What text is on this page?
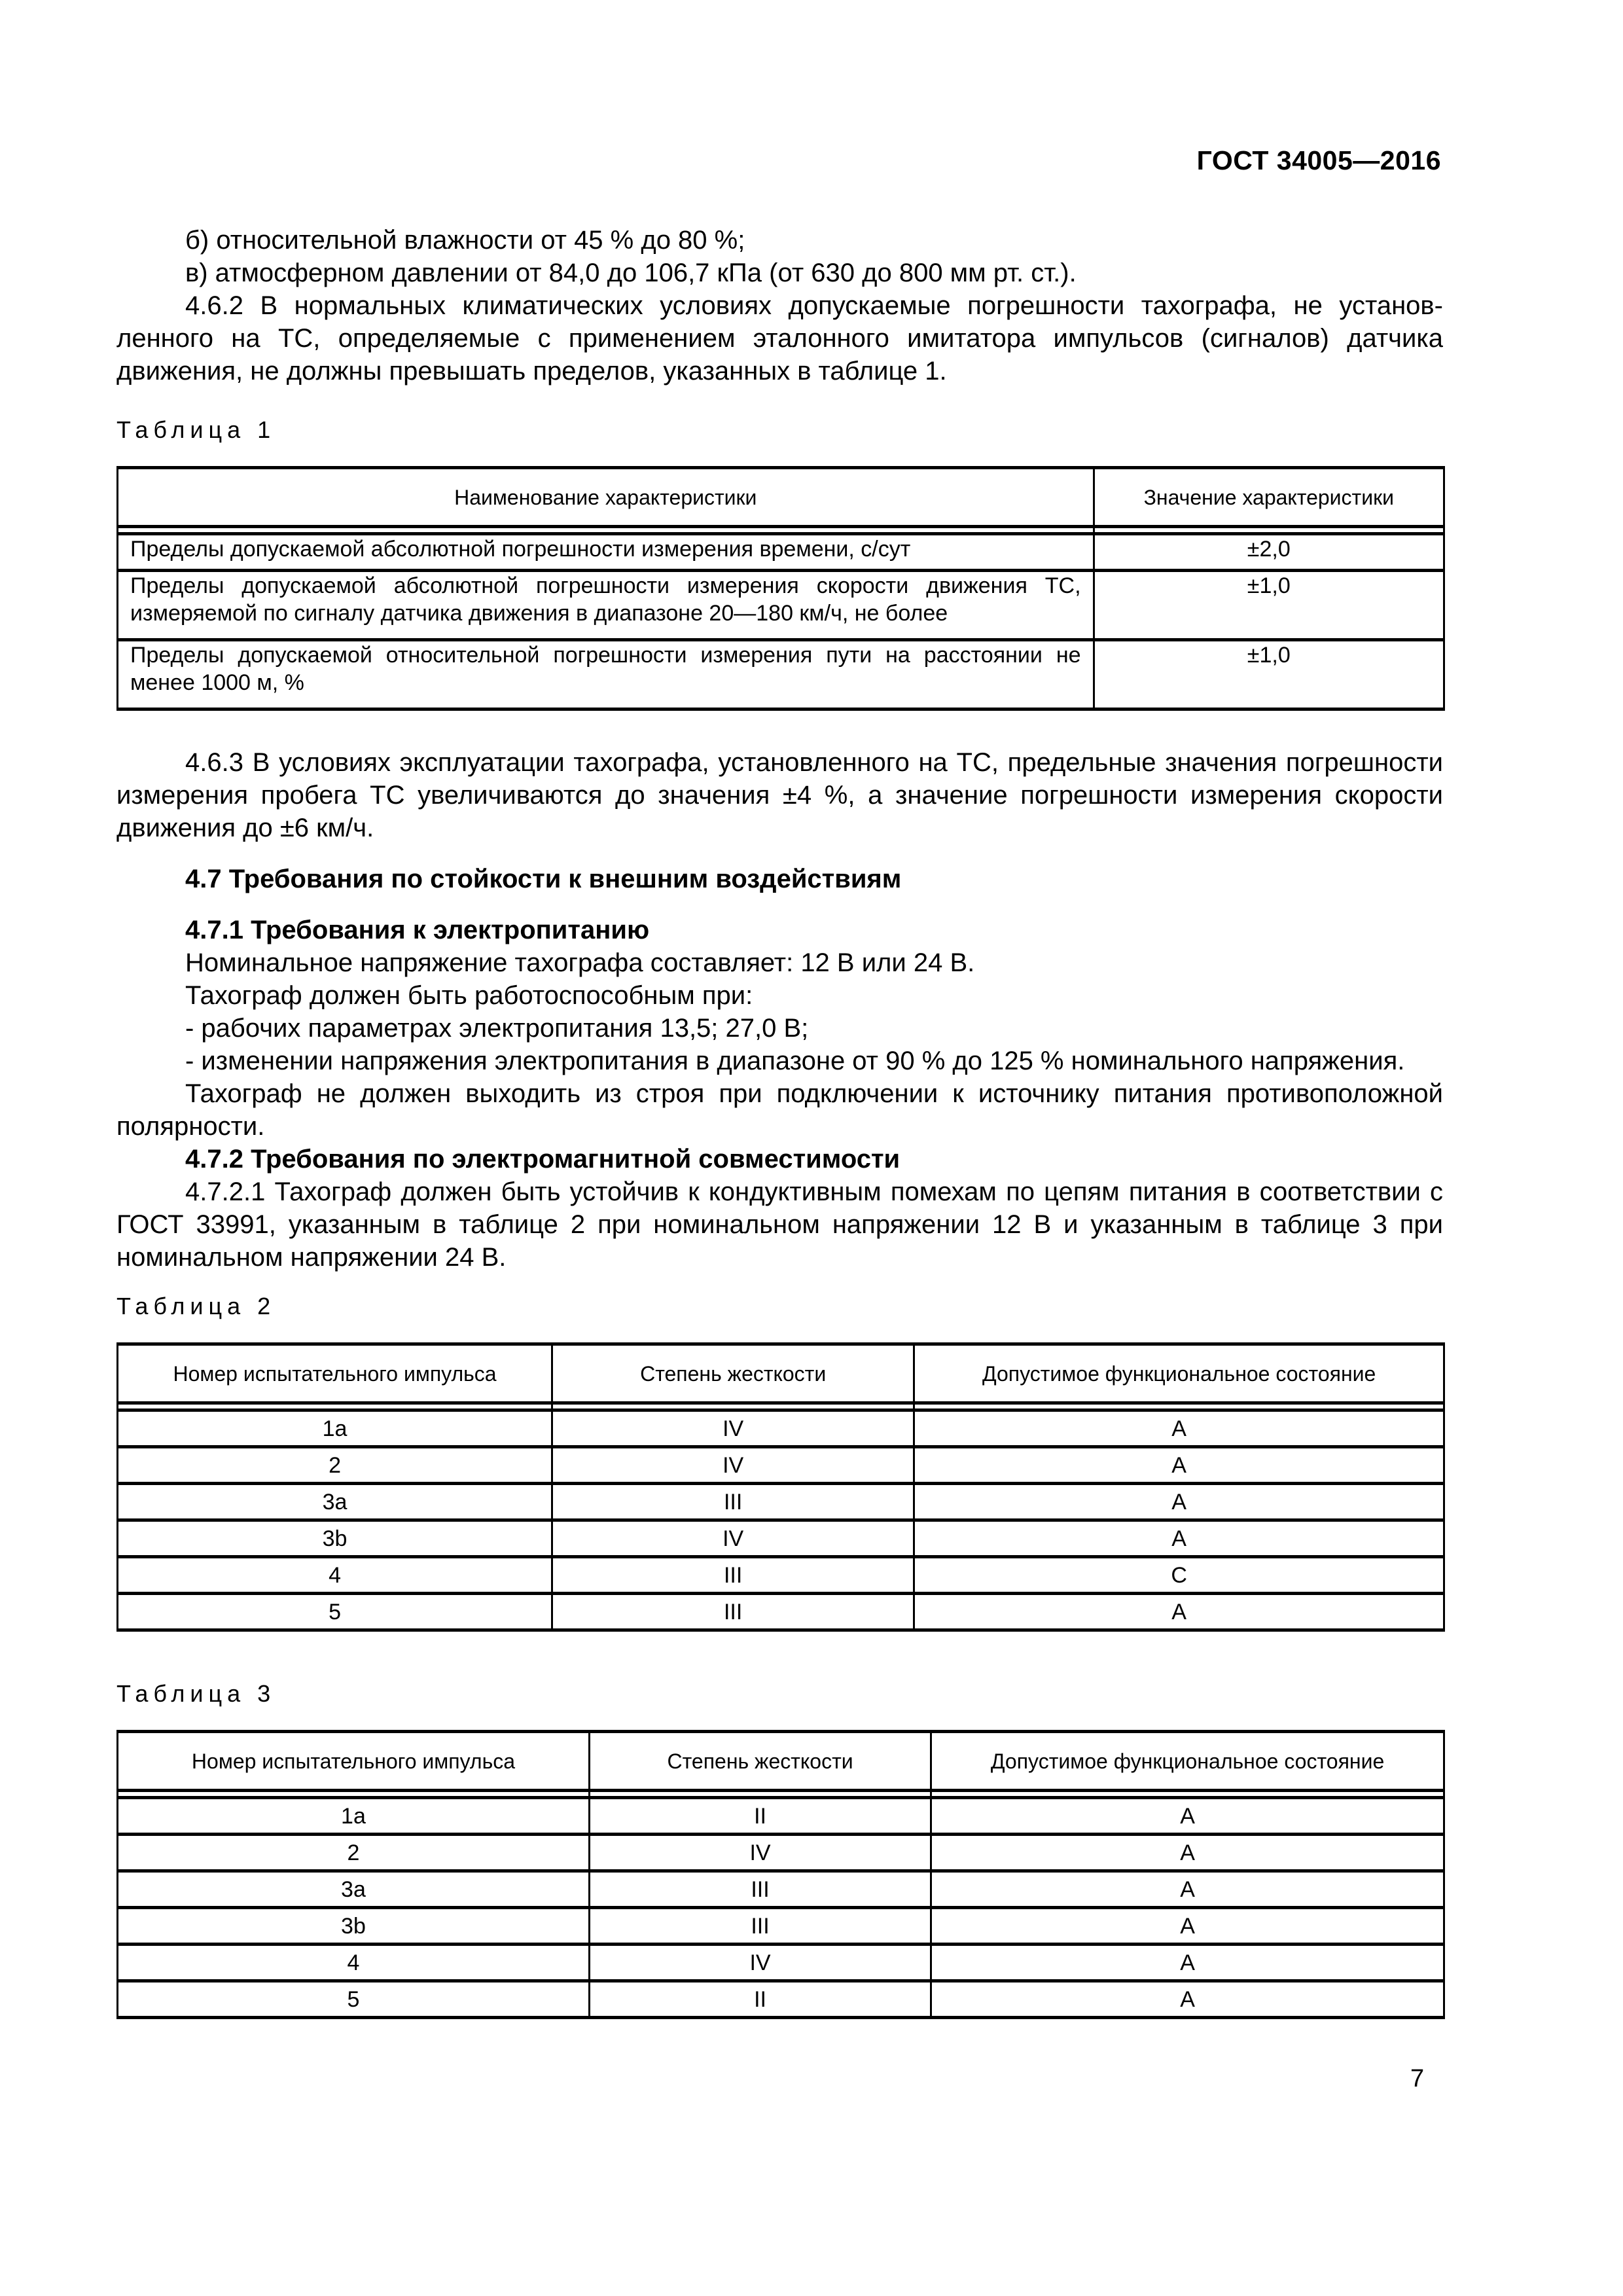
ГОСТ 34005—2016

б) относительной влажности от 45 % до 80 %;

в) атмосферном давлении от 84,0 до 106,7 кПа (от 630 до 800 мм рт. ст.).

4.6.2 В нормальных климатических условиях допускаемые погрешности тахографа, не установленного на ТС, определяемые с применением эталонного имитатора импульсов (сигналов) датчика движения, не должны превышать пределов, указанных в таблице 1.

Таблица 1
Наименование характеристики	Значение характеристики

Пределы допускаемой абсолютной погрешности измерения времени, с/сут	±2,0
Пределы допускаемой абсолютной погрешности измерения скорости движения ТС, измеряемой по сигналу датчика движения в диапазоне 20—180 км/ч, не более	±1,0
Пределы допускаемой относительной погрешности измерения пути на расстоянии не менее 1000 м, %	±1,0

4.6.3 В условиях эксплуатации тахографа, установленного на ТС, предельные значения погрешности измерения пробега ТС увеличиваются до значения ±4 %, а значение погрешности измерения скорости движения до ±6 км/ч.

4.7 Требования по стойкости к внешним воздействиям

4.7.1 Требования к электропитанию

Номинальное напряжение тахографа составляет: 12 В или 24 В.

Тахограф должен быть работоспособным при:

- рабочих параметрах электропитания 13,5; 27,0 В;

- изменении напряжения электропитания в диапазоне от 90 % до 125 % номинального напряжения.

Тахограф не должен выходить из строя при подключении к источнику питания противоположной полярности.

4.7.2 Требования по электромагнитной совместимости

4.7.2.1 Тахограф должен быть устойчив к кондуктивным помехам по цепям питания в соответствии с ГОСТ 33991, указанным в таблице 2 при номинальном напряжении 12 В и указанным в таблице 3 при номинальном напряжении 24 В.

Таблица 2
Номер испытательного импульса	Степень жесткости	Допустимое функциональное состояние

1a	IV	A
2	IV	A
3a	III	A
3b	IV	A
4	III	C
5	III	A
Таблица 3
Номер испытательного импульса	Степень жесткости	Допустимое функциональное состояние

1a	II	A
2	IV	A
3a	III	A
3b	III	A
4	IV	A
5	II	A
7
